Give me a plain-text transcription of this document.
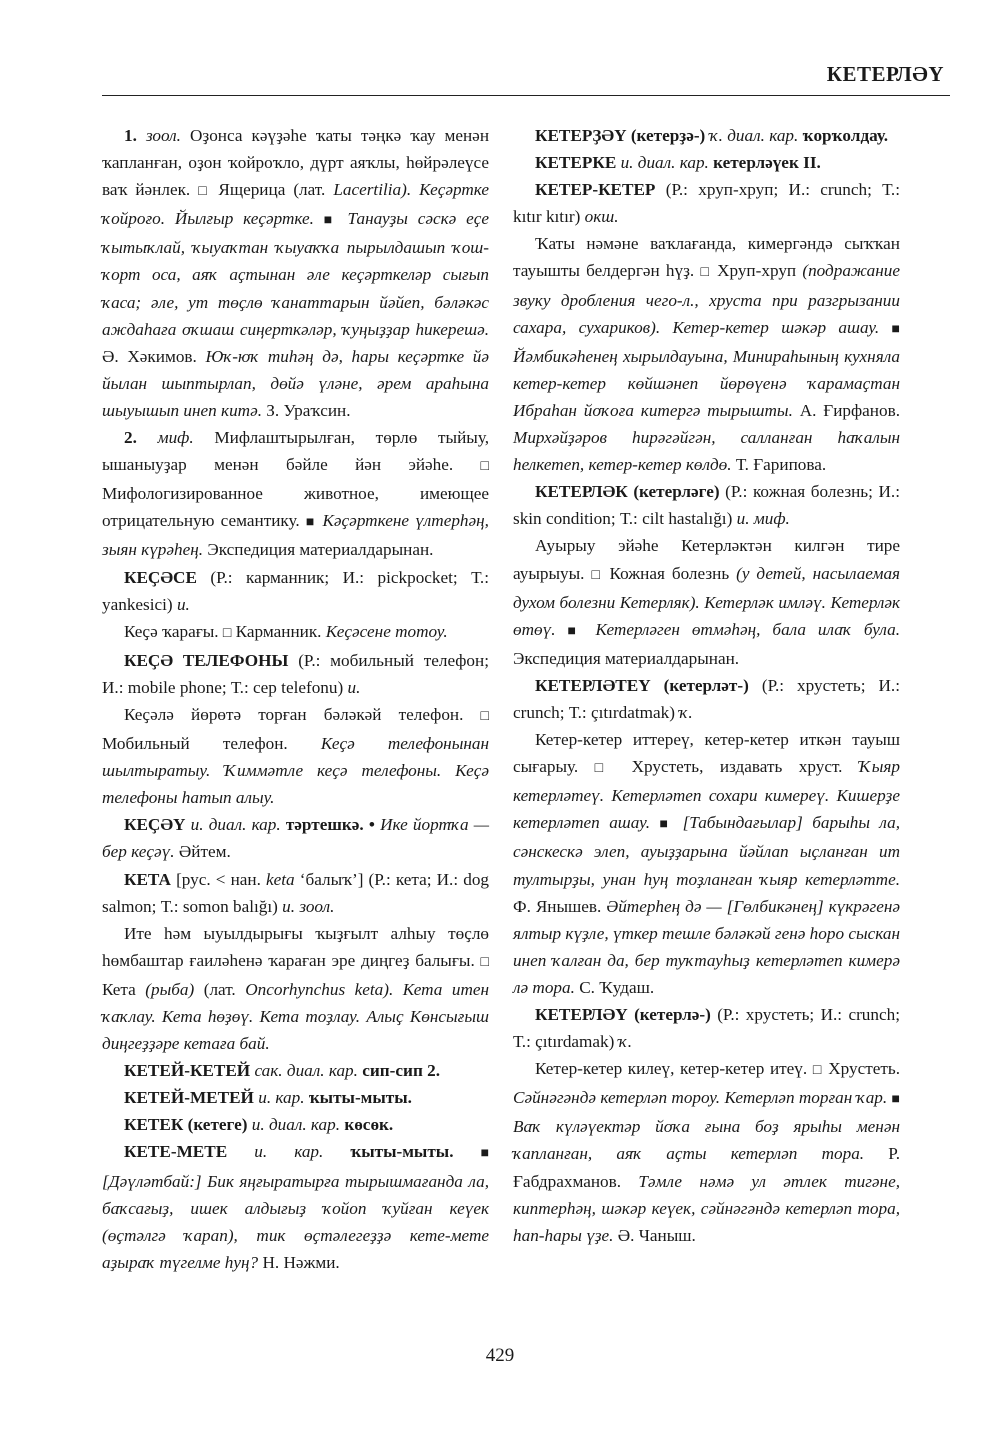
КЕТЕРЛӘҮ

1. зоол. Оҙонса кәүҙәһе ҡаты тәңкә ҡау менән ҡапланған, оҙон ҡойроҡло, дүрт аяҡлы, һөйрәлеүсе ваҡ йәнлек. □ Ящерица (лат. Lacertilia). Кеҫәртке ҡойроғо. Йылғыр кеҫәртке. ■ Танауҙы сәскә еҫе ҡытыҡлай, ҡыуаҡтан ҡыуаҡҡа пырылдашып ҡош-ҡорт оса, аяҡ аҫтынан әле кеҫәрткеләр сығып ҡаса; әле, ут төҫлө ҡанаттарын йәйеп, бәләкәс аждаһаға оҡшаш сиңерткәләр, ҡуңыҙҙар һикерешә. Ә. Хәкимов. Юҡ-юҡ тиһәң дә, һары кеҫәртке йә йылан шыптырлап, дөйә үләне, әрем араһына шыуышып инеп китә. З. Ураҡсин.

2. миф. Мифлаштырылған, төрлө тыйыу, ышаныуҙар менән бәйле йән эйәһе. □ Мифологизированное животное, имеющее отрицательную семантику. ■ Кәҫәрткене үлтерһәң, зыян күрәһең. Экспедиция материалдарынан.

КЕҪӘСЕ (Р.: карманник; И.: pickpocket; Т.: yankesici) и.

Кеҫә ҡарағы. □ Карманник. Кеҫәсене тотоу.

КЕҪӘ ТЕЛЕФОНЫ (Р.: мобильный телефон; И.: mobile phone; Т.: cep telefonu) и.

Кеҫәлә йөрөтә торған бәләкәй телефон. □ Мобильный телефон. Кеҫә телефонынан шылтыратыу. Ҡиммәтле кеҫә телефоны. Кеҫә телефоны һатып алыу.

КЕҪӘҮ и. диал. кар. тәртешкә. • Ике йортҡа — бер кеҫәү. Әйтем.

КЕТА [рус. < нан. keta ‘балыҡ’] (Р.: кета; И.: dog salmon; Т.: somon balığı) и. зоол.

Ите һәм ыуылдырығы ҡыҙғылт алһыу төҫлө һөмбаштар ғаиләһенә ҡараған эре диңгеҙ балығы. □ Кета (рыба) (лат. Oncorhynchus keta). Кета итен ҡаҡлау. Кета һөҙөү. Кета тоҙлау. Алыҫ Көнсығыш диңгеҙҙәре кетаға бай.

КЕТЕЙ-КЕТЕЙ сак. диал. кар. сип-сип 2.

КЕТЕЙ-МЕТЕЙ и. кар. ҡыты-мыты.

КЕТЕК (кетеге) и. диал. кар. көсөк.

КЕТЕ-МЕТЕ и. кар. ҡыты-мыты. ■ [Дәүләтбай:] Бик яңғыратырға тырышмағанда ла, баҡсағыҙ, ишек алдығыҙ ҡойоп ҡуйған кеүек (өҫтәлгә ҡарап), тик өҫтәлегеҙҙә кете-мете аҙыраҡ түгелме һуң? Н. Нәжми.

КЕТЕРҘӘҮ (кетерҙә-) ҡ. диал. кар. ҡорҡолдау.

КЕТЕРКЕ и. диал. кар. кетерләүек II.

КЕТЕР-КЕТЕР (Р.: хруп-хруп; И.: crunch; Т.: kıtır kıtır) окш.

Ҡаты нәмәне ваҡлағанда, кимергәндә сыҡҡан тауышты белдергән һүҙ. □ Хруп-хруп (подражание звуку дробления чего-л., хруста при разгрызании сахара, сухариков). Кетер-кетер шәкәр ашау. ■ Йәмбикәһенең хырылдауына, Минираһының кухняла кетер-кетер көйшәнеп йөрөүенә ҡарамаҫтан Ибраһан йоҡоға китергә тырышты. А. Ғирфанов. Мирхәйҙәров һирәгәйгән, салланған һаҡалын һелкетеп, кетер-кетер көлдө. Т. Ғарипова.

КЕТЕРЛӘК (кетерләге) (Р.: кожная болезнь; И.: skin condition; Т.: cilt hastalığı) и. миф.

Ауырыу эйәһе Кетерләктән килгән тире ауырыуы. □ Кожная болезнь (у детей, насылаемая духом болезни Кетерляк). Кетерләк имләү. Кетерләк өтөү. ■ Кетерләген өтмәһәң, бала илаҡ була. Экспедиция материалдарынан.

КЕТЕРЛӘТЕҮ (кетерләт-) (Р.: хрустеть; И.: crunch; Т.: çıtırdatmak) ҡ.

Кетер-кетер иттереү, кетер-кетер иткән тауыш сығарыу. □ Хрустеть, издавать хруст. Ҡыяр кетерләтеү. Кетерләтеп сохари кимереү. Кишерҙе кетерләтеп ашау. ■ [Табындағылар] барыһы ла, сәнскескә элеп, ауыҙҙарына йәйлап ыҫланған ит тултырҙы, унан һуң тоҙланған ҡыяр кетерләтте. Ф. Янышев. Әйтерһең дә — [Гөлбикәнең] күкрәгенә ялтыр күҙле, үткер тешле бәләкәй генә һоро сыскан инеп ҡалған да, бер туҡтауһыҙ кетерләтеп кимерә лә тора. С. Ҡудаш.

КЕТЕРЛӘҮ (кетерлә-) (Р.: хрустеть; И.: crunch; Т.: çıtırdamak) ҡ.

Кетер-кетер килеү, кетер-кетер итеү. □ Хрустеть. Сәйнәгәндә кетерләп тороу. Кетерләп торған ҡар. ■ Ваҡ күләүектәр йоҡа ғына боҙ ярыһы менән ҡапланған, аяҡ аҫты кетерләп тора. Р. Ғабдрахманов. Тәмле нәмә ул әтлек тигәне, киптерһәң, шәкәр кеүек, сәйнәгәндә кетерләп тора, һап-һары үҙе. Ә. Чаныш.

429
